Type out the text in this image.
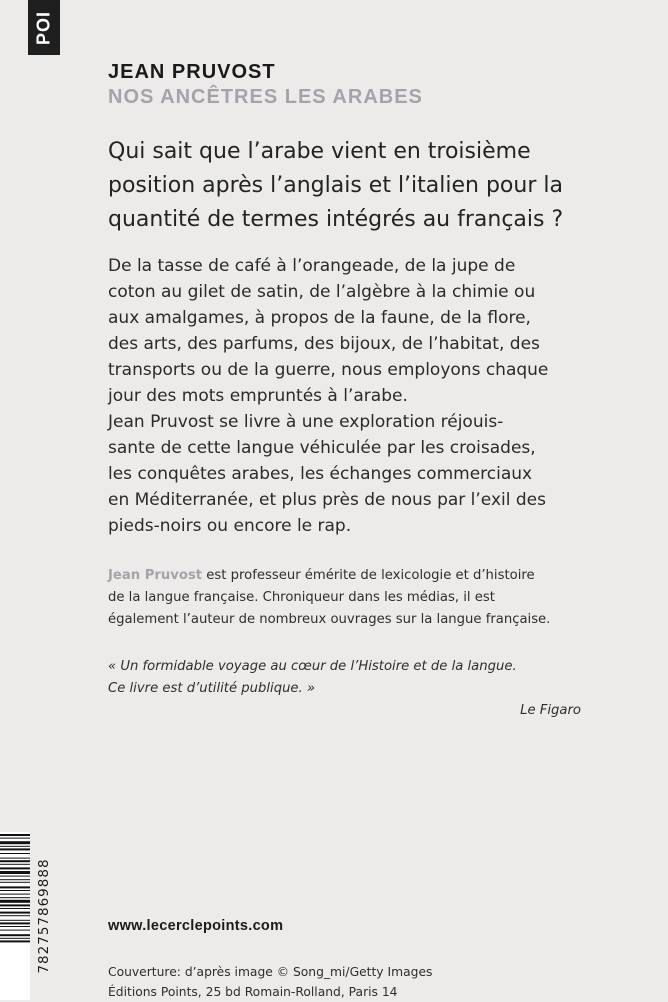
POI
JEAN PRUVOST
NOS ANCÊTRES LES ARABES

Qui sait que l’arabe vient en troisième
position après l’anglais et l’italien pour la
quantité de termes intégrés au français ?

De la tasse de café à l’orangeade, de la jupe de
coton au gilet de satin, de l’algèbre à la chimie ou
aux amalgames, à propos de la faune, de la flore,
des arts, des parfums, des bijoux, de l’habitat, des
transports ou de la guerre, nous employons chaque
jour des mots empruntés à l’arabe.
Jean Pruvost se livre à une exploration réjouis-
sante de cette langue véhiculée par les croisades,
les conquêtes arabes, les échanges commerciaux
en Méditerranée, et plus près de nous par l’exil des
pieds-noirs ou encore le rap.

Jean Pruvost est professeur émérite de lexicologie et d’histoire
de la langue française. Chroniqueur dans les médias, il est
également l’auteur de nombreux ouvrages sur la langue française.

« Un formidable voyage au cœur de l’Histoire et de la langue.
Ce livre est d’utilité publique. »

Le Figaro

782757869888	www.lecerclepoints.com

Couverture: d’après image © Song_mi/Getty Images
Éditions Points, 25 bd Romain-Rolland, Paris 14
